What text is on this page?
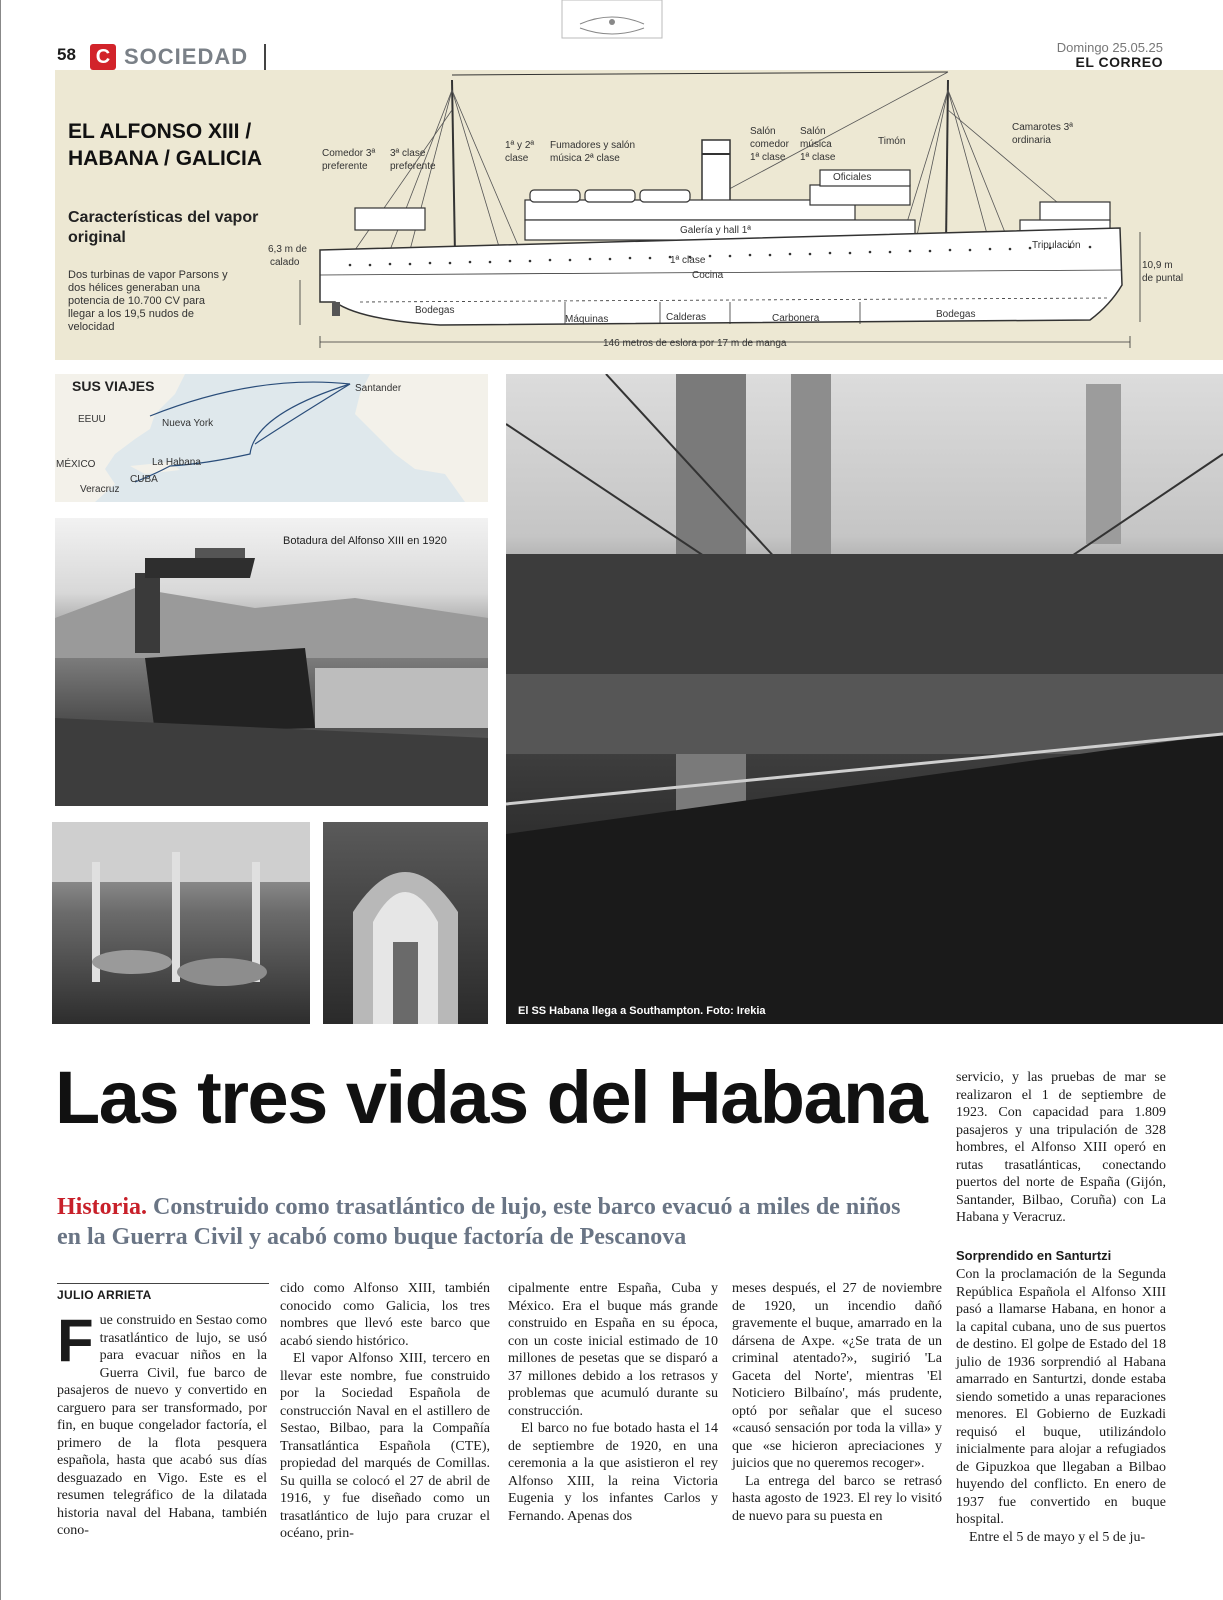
58 C SOCIEDAD	Domingo 25.05.25
EL CORREO
EL ALFONSO XIII / HABANA / GALICIA
Características del vapor original
Dos turbinas de vapor Parsons y dos hélices generaban una potencia de 10.700 CV para llegar a los 19,5 nudos de velocidad
Comedor 3ª
preferente
3ª clase
preferente
1ª y 2ª
clase
Fumadores y salón
música 2ª clase
Salón
comedor
1ª clase
Salón
música
1ª clase
Timón
Oficiales
Camarotes 3ª
ordinaria
Galería y hall 1ª
Tripulación
1ª clase
Cocina
Bodegas
Máquinas	Calderas	Carbonera	Bodegas
6,3 m de
calado	10,9 m
de puntal
146 metros de eslora por 17 m de manga
SUS VIAJES
EEUU	Nueva York
MÉXICO	La Habana
CUBA
Veracruz
Santander
Botadura del Alfonso XIII en 1920
El SS Habana llega a Southampton. Foto: Irekia
Las tres vidas del Habana
Historia. Construido como trasatlántico de lujo, este barco evacuó a miles de niños en la Guerra Civil y acabó como buque factoría de Pescanova
JULIO ARRIETA

Fue construido en Sestao como trasatlántico de lujo, se usó para evacuar niños en la Guerra Civil, fue barco de pasajeros de nuevo y convertido en carguero para ser transformado, por fin, en buque congelador factoría, el primero de la flota pesquera española, hasta que acabó sus días desguazado en Vigo. Este es el resumen telegráfico de la dilatada historia naval del Habana, también cono-

cido como Alfonso XIII, también conocido como Galicia, los tres nombres que llevó este barco que acabó siendo histórico.

El vapor Alfonso XIII, tercero en llevar este nombre, fue construido por la Sociedad Española de construcción Naval en el astillero de Sestao, Bilbao, para la Compañía Transatlántica Española (CTE), propiedad del marqués de Comillas. Su quilla se colocó el 27 de abril de 1916, y fue diseñado como un trasatlántico de lujo para cruzar el océano, prin-

cipalmente entre España, Cuba y México. Era el buque más grande construido en España en su época, con un coste inicial estimado de 10 millones de pesetas que se disparó a 37 millones debido a los retrasos y problemas que acumuló durante su construcción.

El barco no fue botado hasta el 14 de septiembre de 1920, en una ceremonia a la que asistieron el rey Alfonso XIII, la reina Victoria Eugenia y los infantes Carlos y Fernando. Apenas dos

meses después, el 27 de noviembre de 1920, un incendio dañó gravemente el buque, amarrado en la dársena de Axpe. «¿Se trata de un criminal atentado?», sugirió 'La Gaceta del Norte', mientras 'El Noticiero Bilbaíno', más prudente, optó por señalar que el suceso «causó sensación por toda la villa» y que «se hicieron apreciaciones y juicios que no queremos recoger».

La entrega del barco se retrasó hasta agosto de 1923. El rey lo visitó de nuevo para su puesta en

servicio, y las pruebas de mar se realizaron el 1 de septiembre de 1923. Con capacidad para 1.809 pasajeros y una tripulación de 328 hombres, el Alfonso XIII operó en rutas trasatlánticas, conectando puertos del norte de España (Gijón, Santander, Bilbao, Coruña) con La Habana y Veracruz.

Sorprendido en Santurtzi

Con la proclamación de la Segunda República Española el Alfonso XIII pasó a llamarse Habana, en honor a la capital cubana, uno de sus puertos de destino. El golpe de Estado del 18 julio de 1936 sorprendió al Habana amarrado en Santurtzi, donde estaba siendo sometido a unas reparaciones menores. El Gobierno de Euzkadi requisó el buque, utilizándolo inicialmente para alojar a refugiados de Gipuzkoa que llegaban a Bilbao huyendo del conflicto. En enero de 1937 fue convertido en buque hospital.

Entre el 5 de mayo y el 5 de ju-
